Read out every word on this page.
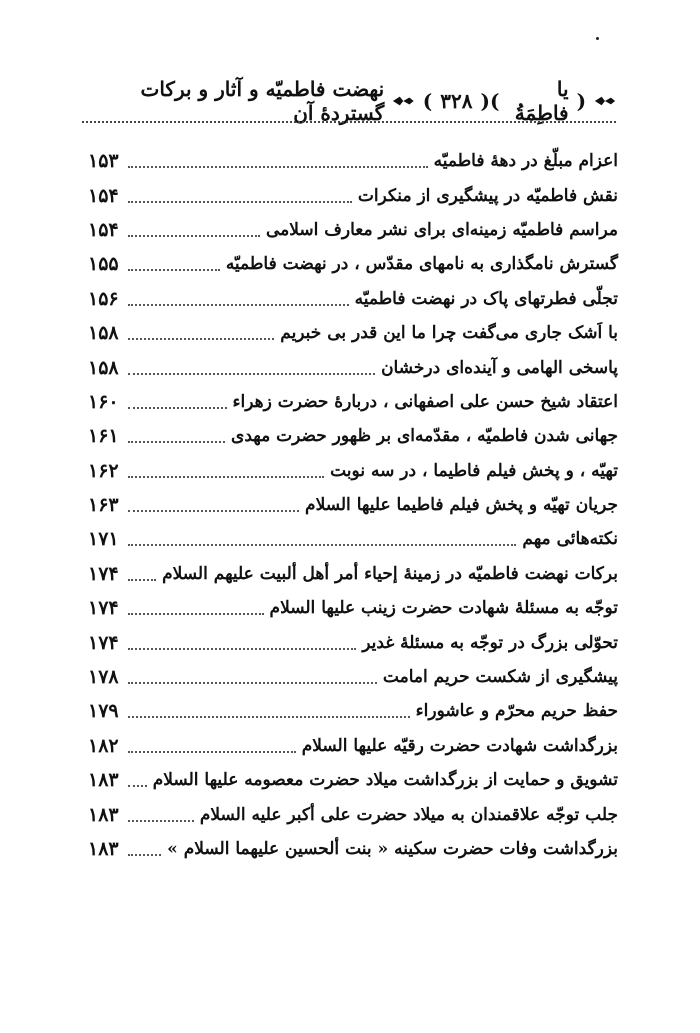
(
۳۲۸
)
نهضت فاطمیّه و آثار و برکات گستردهٔ آن	(
یا فاطِمَةُ
)
اعزام مبلّغ در دههٔ فاطمیّه
۱۵۳
نقش فاطمیّه در پیشگیری از منکرات
۱۵۴
مراسم فاطمیّه زمینه‌ای برای نشر معارف اسلامی
۱۵۴
گسترش نامگذاری به نامهای مقدّس ، در نهضت فاطمیّه
۱۵۵
تجلّی فطرتهای پاک در نهضت فاطمیّه
۱۵۶
با اَشک جاری می‌گفت چرا ما این قدر بی خبریم
۱۵۸
پاسخی الهامی و آینده‌ای درخشان
۱۵۸
اعتقاد شیخ حسن علی اصفهانی ، دربارهٔ حضرت زهراء
۱۶۰
جهانی شدن فاطمیّه ، مقدّمه‌ای بر ظهور حضرت مهدی
۱۶۱
تهیّه ، و پخش فیلم فاطیما ، در سه نوبت
۱۶۲
جریان تهیّه و پخش فیلم فاطیما علیها السلام
۱۶۳
نکته‌هائی مهم
۱۷۱
برکات نهضت فاطمیّه در زمینهٔ إحیاء أمر أهل ألبیت علیهم السلام
۱۷۴
توجّه به مسئلهٔ شهادت حضرت زینب علیها السلام
۱۷۴
تحوّلی بزرگ در توجّه به مسئلهٔ غدیر
۱۷۴
پیشگیری از شکست حریم امامت
۱۷۸
حفظ حریم محرّم و عاشوراء
۱۷۹
بزرگداشت شهادت حضرت رقیّه علیها السلام
۱۸۲
تشویق و حمایت از بزرگداشت میلاد حضرت معصومه علیها السلام
۱۸۳
جلب توجّه علاقمندان به میلاد حضرت علی أکبر علیه السلام
۱۸۳
بزرگداشت وفات حضرت سکینه « بنت ألحسین علیهما السلام »
۱۸۳
